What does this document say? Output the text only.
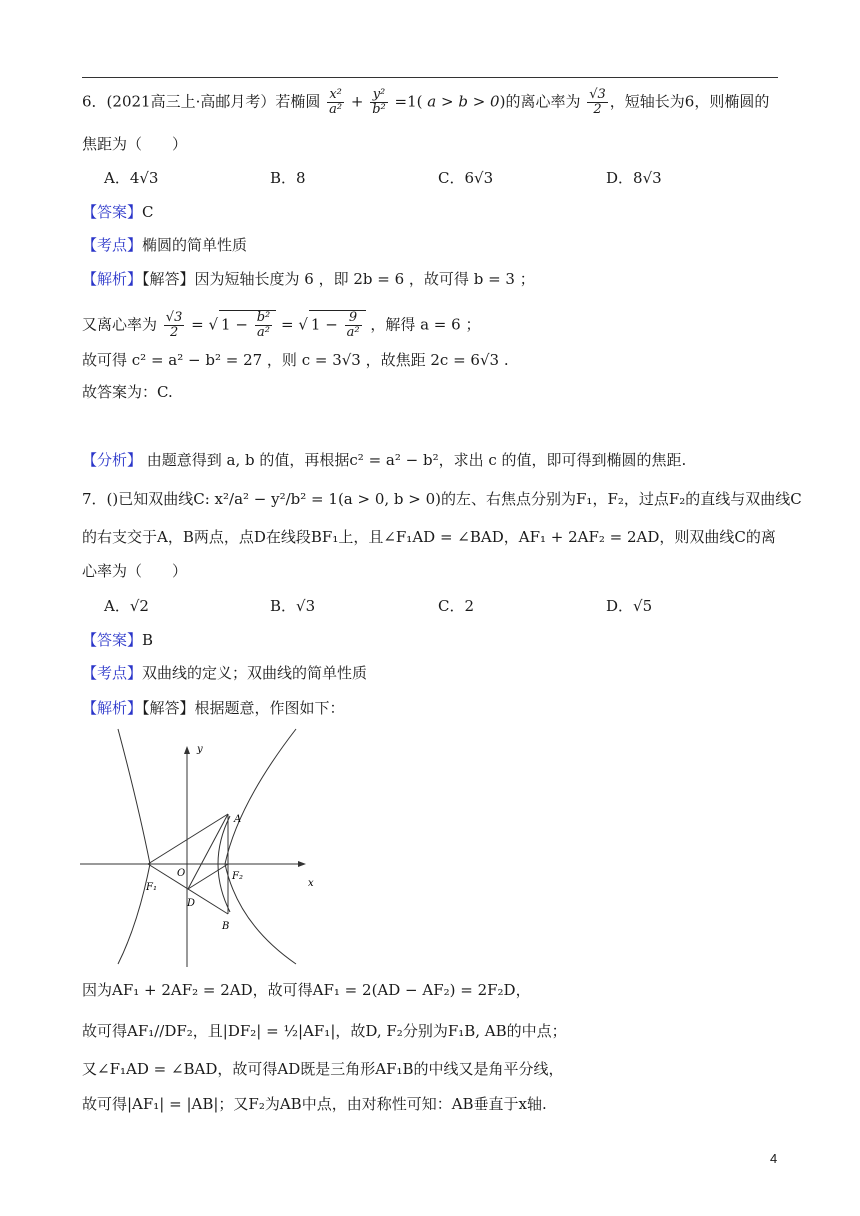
6．(2021高三上·高邮月考）若椭圆 $\frac{\text{x²}}{\text{a²}} + \frac{\text{y²}}{\text{b²}} =1$( a > b > 0)的离心率为 $\frac{√3}{2}$ ，短轴长为6，则椭圆的
焦距为（　　）
A．4√3	B．8	C．6√3	D．8√3
【答案】C
【考点】椭圆的简单性质
【解析】【解答】因为短轴长度为 6 ，即 2b = 6 ，故可得 b = 3 ；
又离心率为 $\frac{√3}{2}$ = √ $1 - \frac{\text{b²}}{\text{a²}}$ = √ $1 - \frac{9}{\text{a²}}$ ，解得 a = 6 ；
故可得 c² = a² − b² = 27 ，则 c = 3√3 ，故焦距 2c = 6√3 .
故答案为：C.
【分析】 由题意得到 a, b 的值，再根据c² = a² − b²，求出 c 的值，即可得到椭圆的焦距.
7．()已知双曲线C: x²/a² − y²/b² = 1(a > 0, b > 0)的左、右焦点分别为F₁，F₂，过点F₂的直线与双曲线C
的右支交于A，B两点，点D在线段BF₁上，且∠F₁AD = ∠BAD，AF₁ + 2AF₂ = 2AD，则双曲线C的离
心率为（　　）
A．√2	B．√3	C．2	D．√5
【答案】B
【考点】双曲线的定义；双曲线的简单性质
【解析】【解答】根据题意，作图如下：
y
x
O
A
B
D
F₁
F₂
因为AF₁ + 2AF₂ = 2AD，故可得AF₁ = 2(AD − AF₂) = 2F₂D，
故可得AF₁//DF₂，且|DF₂| = ½|AF₁|，故D, F₂分别为F₁B, AB的中点；
又∠F₁AD = ∠BAD，故可得AD既是三角形AF₁B的中线又是角平分线，
故可得|AF₁| = |AB|；又F₂为AB中点，由对称性可知：AB垂直于x轴.
4
